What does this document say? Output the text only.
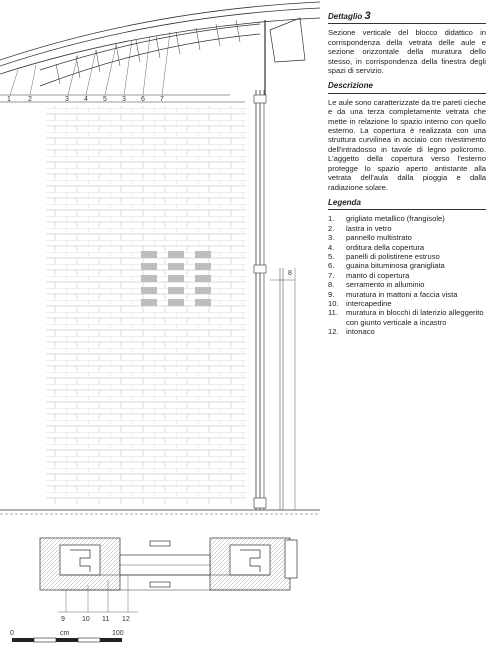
1 2	3 4 5 3 6 7
8
9 10 11 12
0	cm	100
Dettaglio 3

Sezione verticale del blocco didattico in corrispondenza della vetrata delle aule e sezione orizzontale della muratura dello stesso, in corrispondenza della finestra degli spazi di servizio.

Descrizione

Le aule sono caratterizzate da tre pareti cieche e da una terza completamente vetrata che mette in relazione lo spazio interno con quello esterno. La copertura è realizzata con una struttura curvilinea in acciaio con rivestimento dell'intradosso in tavole di legno policromo. L'aggetto della copertura verso l'esterno protegge lo spazio aperto antistante alla vetrata dell'aula dalla pioggia e dalla radiazione solare.

Legenda
1.	grigliato metallico (frangisole)
2.	lastra in vetro
3.	pannello multistrato
4.	orditura della copertura
5.	panelli di polistirene estruso
6.	guaina bituminosa granigliata
7.	manto di copertura
8.	serramento in alluminio
9.	muratura in mattoni a faccia vista
10. intercapedine
11.	muratura in blocchi di laterizio alleggerito con giunto verticale a incastro
12. intonaco
